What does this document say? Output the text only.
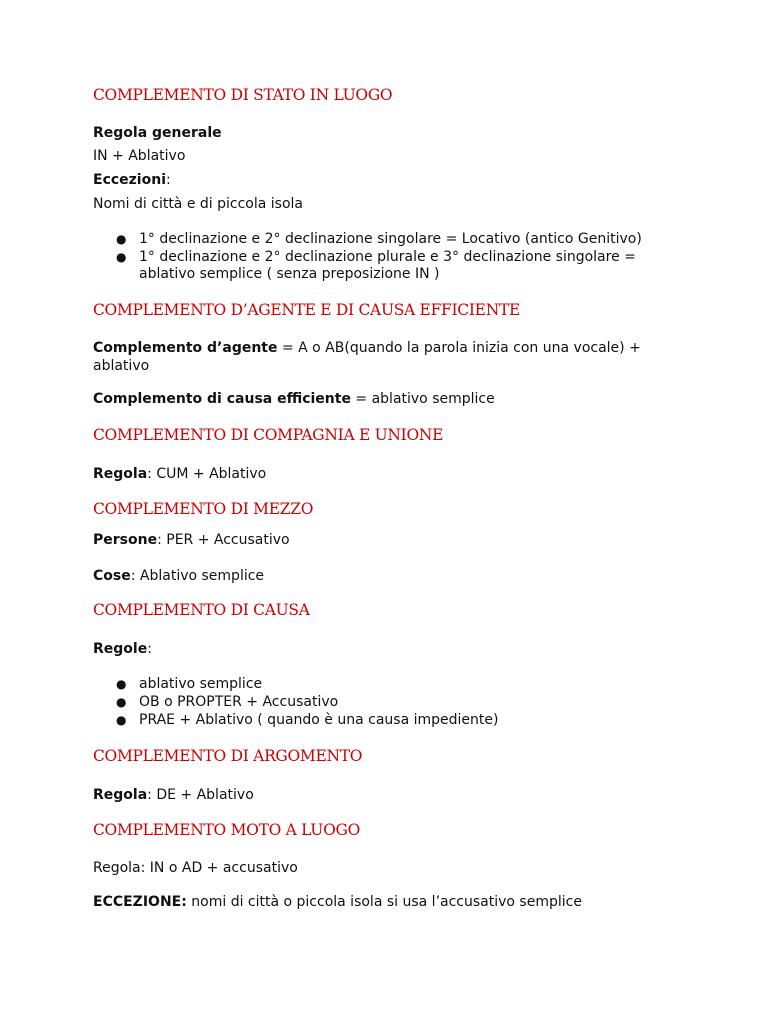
COMPLEMENTO DI STATO IN LUOGO

Regola generale

IN + Ablativo

Eccezioni:

Nomi di città e di piccola isola

● 1° declinazione e 2° declinazione singolare = Locativo (antico Genitivo)

● 1° declinazione e 2° declinazione plurale e 3° declinazione singolare =

ablativo semplice ( senza preposizione IN )

COMPLEMENTO D’AGENTE E DI CAUSA EFFICIENTE

Complemento d’agente = A o AB(quando la parola inizia con una vocale) +

ablativo

Complemento di causa efficiente = ablativo semplice

COMPLEMENTO DI COMPAGNIA E UNIONE

Regola: CUM + Ablativo

COMPLEMENTO DI MEZZO

Persone: PER + Accusativo

Cose: Ablativo semplice

COMPLEMENTO DI CAUSA

Regole:

● ablativo semplice

● OB o PROPTER + Accusativo

● PRAE + Ablativo ( quando è una causa impediente)

COMPLEMENTO DI ARGOMENTO

Regola: DE + Ablativo

COMPLEMENTO MOTO A LUOGO

Regola: IN o AD + accusativo

ECCEZIONE: nomi di città o piccola isola si usa l’accusativo semplice
